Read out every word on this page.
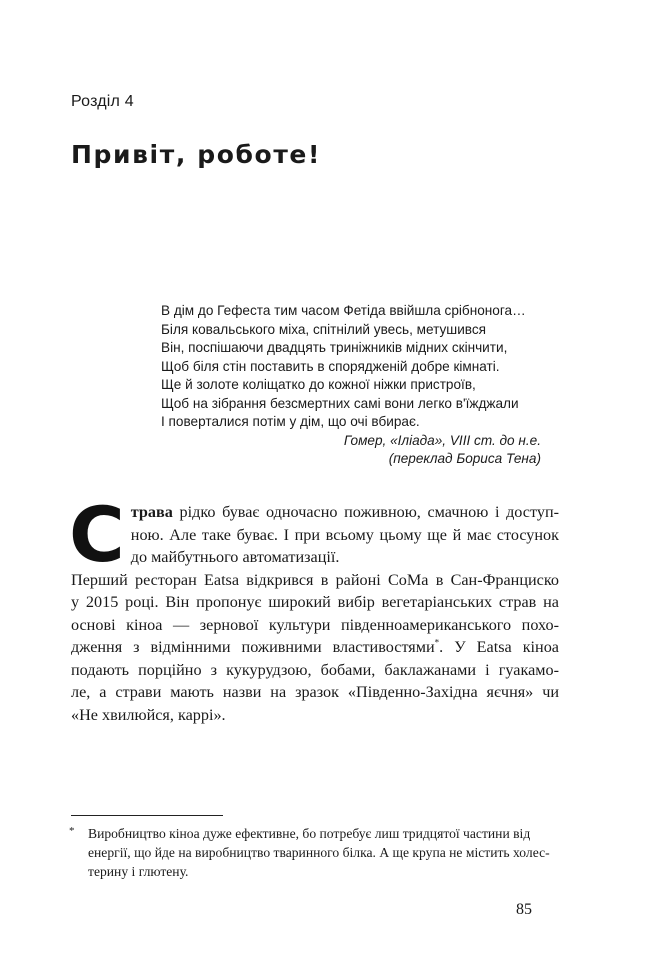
Розділ 4
Привіт, роботе!
В дім до Гефеста тим часом Фетіда ввійшла срібнонога…
Біля ковальського міха, спітнілий увесь, метушився
Він, поспішаючи двадцять триніжників мідних скінчити,
Щоб біля стін поставить в спорядженій добре кімнаті.
Ще й золоте коліщатко до кожної ніжки пристроїв,
Щоб на зібрання безсмертних самі вони легко в'їжджали
І поверталися потім у дім, що очі вбирає.
Гомер, «Іліада», VIII ст. до н.е.
(переклад Бориса Тена)
С трава рідко буває одночасно поживною, смачною і доступ-
ною. Але таке буває. І при всьому цьому ще й має стосунок
до майбутнього автоматизації.
Перший ресторан Eatsa відкрився в районі СоМа в Сан-Франциско
у 2015 році. Він пропонує широкий вибір вегетаріанських страв на
основі кіноа — зернової культури південноамериканського похо-
дження з відмінними поживними властивостями*. У Eatsa кіноа
подають порційно з кукурудзою, бобами, баклажанами і гуакамо-
ле, а страви мають назви на зразок «Південно-Західна яєчня» чи
«Не хвилюйся, каррі».
* Виробництво кіноа дуже ефективне, бо потребує лиш тридцятої частини від
енергії, що йде на виробництво тваринного білка. А ще крупа не містить холес-
терину і глютену.
85
